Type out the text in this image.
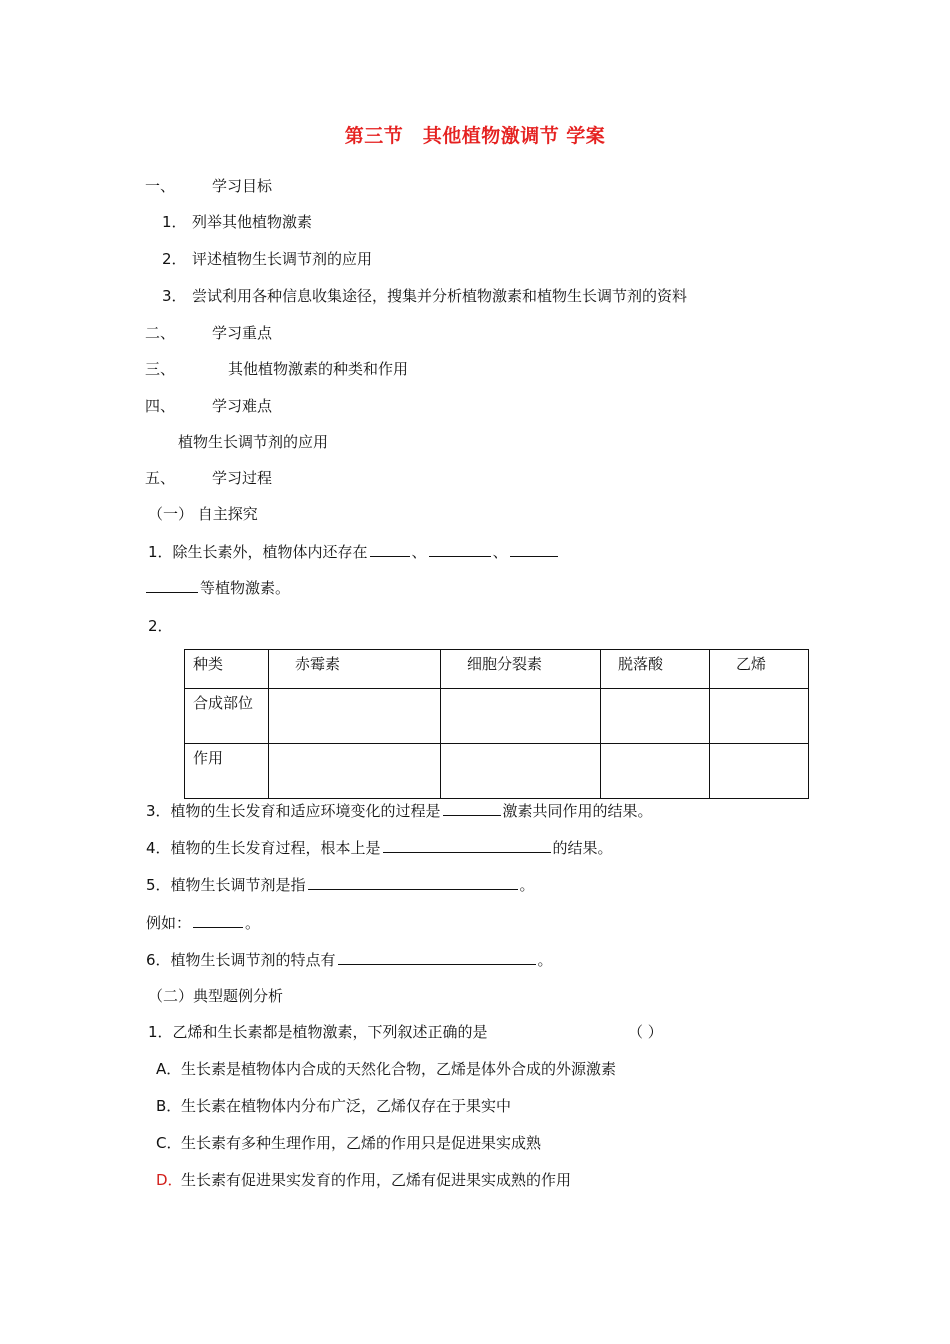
第三节　其他植物激调节 学案
一、 学习目标
1． 列举其他植物激素
2． 评述植物生长调节剂的应用
3． 尝试利用各种信息收集途径，搜集并分析植物激素和植物生长调节剂的资料
二、 学习重点
三、	其他植物激素的种类和作用
四、 学习难点
植物生长调节剂的应用
五、 学习过程
（一） 自主探究
1．除生长素外，植物体内还存在	、	、
等植物激素。
2．
种类	赤霉素	细胞分裂素	脱落酸	乙烯
合成部位				
作用				
3．植物的生长发育和适应环境变化的过程是	激素共同作用的结果。
4．植物的生长发育过程，根本上是	的结果。
5．植物生长调节剂是指	。
例如：	。
6．植物生长调节剂的特点有	。
（二）典型题例分析
1．乙烯和生长素都是植物激素，下列叙述正确的是	（ ）
A． 生长素是植物体内合成的天然化合物，乙烯是体外合成的外源激素
B． 生长素在植物体内分布广泛，乙烯仅存在于果实中
C． 生长素有多种生理作用，乙烯的作用只是促进果实成熟
D．
生长素有促进果实发育的作用，乙烯有促进果实成熟的作用
